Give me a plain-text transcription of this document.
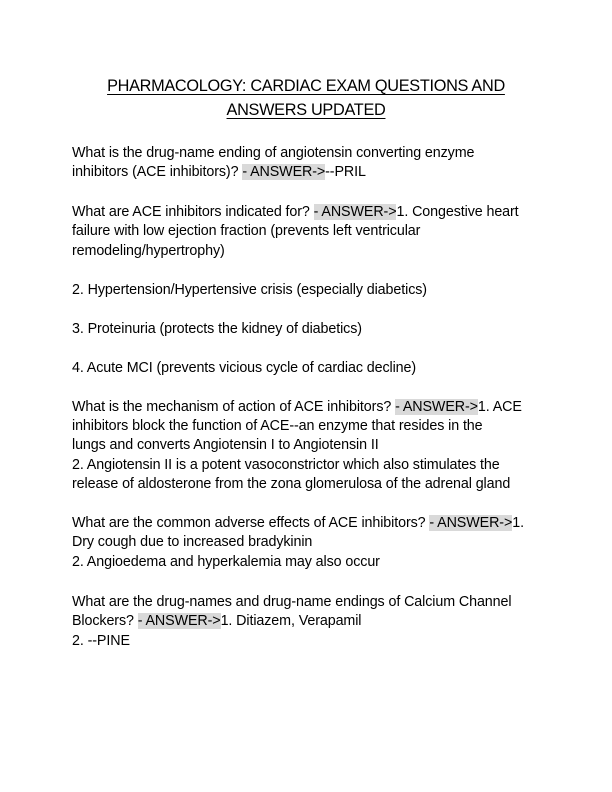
PHARMACOLOGY: CARDIAC EXAM QUESTIONS AND
ANSWERS UPDATED
What is the drug-name ending of angiotensin converting enzyme
inhibitors (ACE inhibitors)? - ANSWER->--PRIL
What are ACE inhibitors indicated for? - ANSWER->1. Congestive heart
failure with low ejection fraction (prevents left ventricular
remodeling/hypertrophy)
2. Hypertension/Hypertensive crisis (especially diabetics)
3. Proteinuria (protects the kidney of diabetics)
4. Acute MCI (prevents vicious cycle of cardiac decline)
What is the mechanism of action of ACE inhibitors? - ANSWER->1. ACE
inhibitors block the function of ACE--an enzyme that resides in the
lungs and converts Angiotensin I to Angiotensin II
2. Angiotensin II is a potent vasoconstrictor which also stimulates the
release of aldosterone from the zona glomerulosa of the adrenal gland
What are the common adverse effects of ACE inhibitors? - ANSWER->1.
Dry cough due to increased bradykinin
2. Angioedema and hyperkalemia may also occur
What are the drug-names and drug-name endings of Calcium Channel
Blockers? - ANSWER->1. Ditiazem, Verapamil
2. --PINE
